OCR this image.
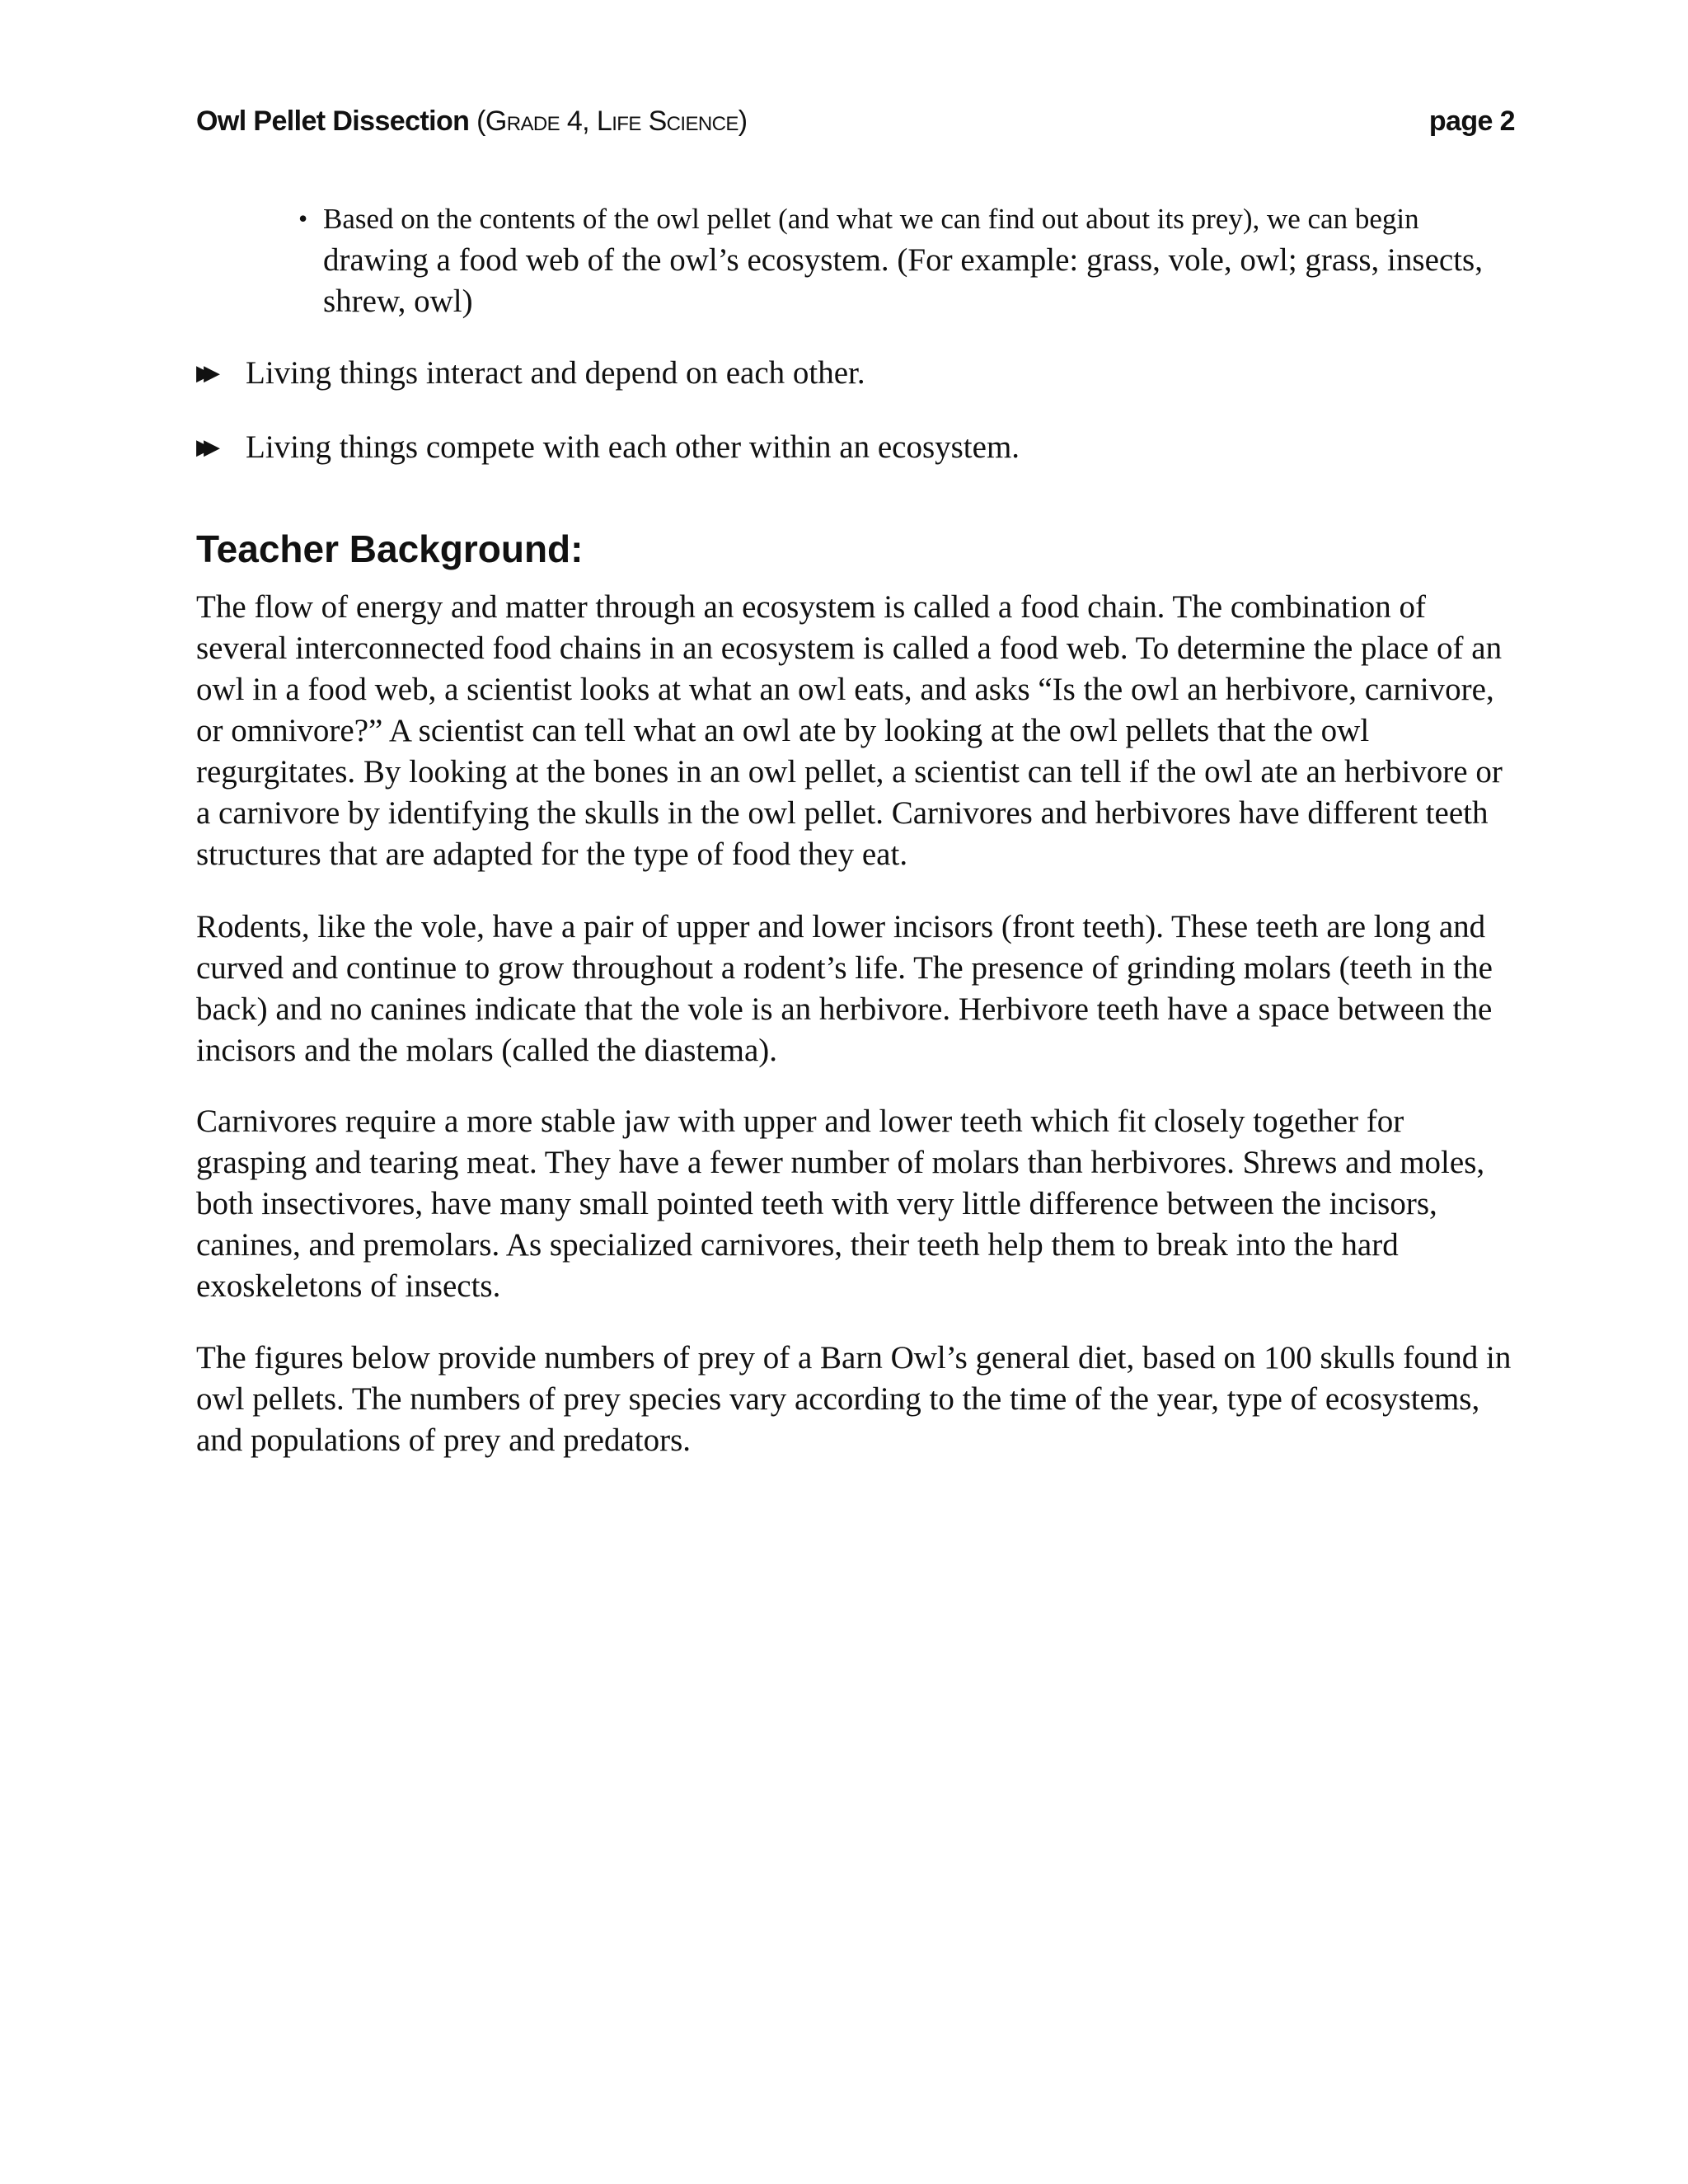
Owl Pellet Dissection (Grade 4, Life Science)	page 2
• Based on the contents of the owl pellet (and what we can find out about its prey), we can begin drawing a food web of the owl’s ecosystem. (For example: grass, vole, owl; grass, insects, shrew, owl)
▶▶ Living things interact and depend on each other.
▶▶ Living things compete with each other within an ecosystem.
Teacher Background:
The flow of energy and matter through an ecosystem is called a food chain. The combination of several interconnected food chains in an ecosystem is called a food web. To determine the place of an owl in a food web, a scientist looks at what an owl eats, and asks “Is the owl an herbivore, carnivore, or omnivore?” A scientist can tell what an owl ate by looking at the owl pellets that the owl regurgitates. By looking at the bones in an owl pellet, a scientist can tell if the owl ate an herbivore or a carnivore by identifying the skulls in the owl pellet. Carnivores and herbivores have different teeth structures that are adapted for the type of food they eat.
Rodents, like the vole, have a pair of upper and lower incisors (front teeth). These teeth are long and curved and continue to grow throughout a rodent’s life. The presence of grinding molars (teeth in the back) and no canines indicate that the vole is an herbivore. Herbivore teeth have a space between the incisors and the molars (called the diastema).
Carnivores require a more stable jaw with upper and lower teeth which fit closely together for grasping and tearing meat. They have a fewer number of molars than herbivores. Shrews and moles, both insectivores, have many small pointed teeth with very little difference between the incisors, canines, and premolars. As specialized carnivores, their teeth help them to break into the hard exoskeletons of insects.
The figures below provide numbers of prey of a Barn Owl’s general diet, based on 100 skulls found in owl pellets. The numbers of prey species vary according to the time of the year, type of ecosystems, and populations of prey and predators.
